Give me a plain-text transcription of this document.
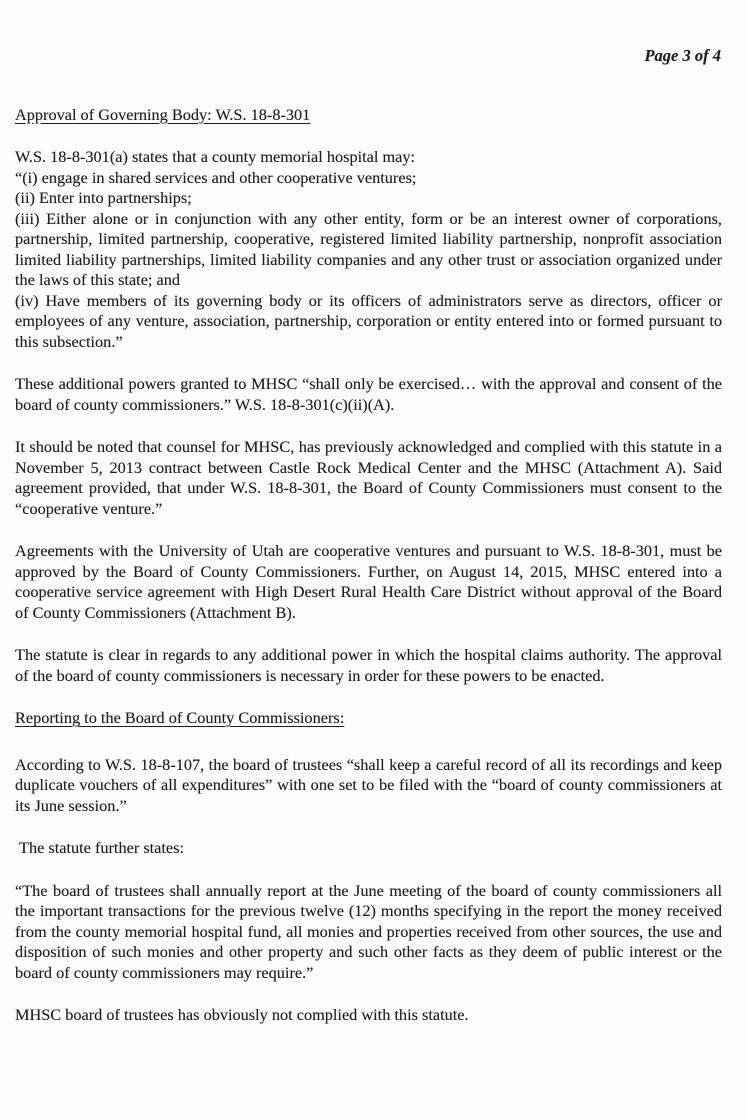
Page 3 of 4
Approval of Governing Body: W.S. 18-8-301

W.S. 18-8-301(a) states that a county memorial hospital may:

“(i) engage in shared services and other cooperative ventures;

(ii) Enter into partnerships;

(iii) Either alone or in conjunction with any other entity, form or be an interest owner of corporations, partnership, limited partnership, cooperative, registered limited liability partnership, nonprofit association limited liability partnerships, limited liability companies and any other trust or association organized under the laws of this state; and

(iv) Have members of its governing body or its officers of administrators serve as directors, officer or employees of any venture, association, partnership, corporation or entity entered into or formed pursuant to this subsection.”

These additional powers granted to MHSC “shall only be exercised… with the approval and consent of the board of county commissioners.” W.S. 18-8-301(c)(ii)(A).

It should be noted that counsel for MHSC, has previously acknowledged and complied with this statute in a November 5, 2013 contract between Castle Rock Medical Center and the MHSC (Attachment A). Said agreement provided, that under W.S. 18-8-301, the Board of County Commissioners must consent to the “cooperative venture.”

Agreements with the University of Utah are cooperative ventures and pursuant to W.S. 18-8-301, must be approved by the Board of County Commissioners. Further, on August 14, 2015, MHSC entered into a cooperative service agreement with High Desert Rural Health Care District without approval of the Board of County Commissioners (Attachment B).

The statute is clear in regards to any additional power in which the hospital claims authority. The approval of the board of county commissioners is necessary in order for these powers to be enacted.

Reporting to the Board of County Commissioners:

According to W.S. 18-8-107, the board of trustees “shall keep a careful record of all its recordings and keep duplicate vouchers of all expenditures” with one set to be filed with the “board of county commissioners at its June session.”

The statute further states:

“The board of trustees shall annually report at the June meeting of the board of county commissioners all the important transactions for the previous twelve (12) months specifying in the report the money received from the county memorial hospital fund, all monies and properties received from other sources, the use and disposition of such monies and other property and such other facts as they deem of public interest or the board of county commissioners may require.”

MHSC board of trustees has obviously not complied with this statute.
